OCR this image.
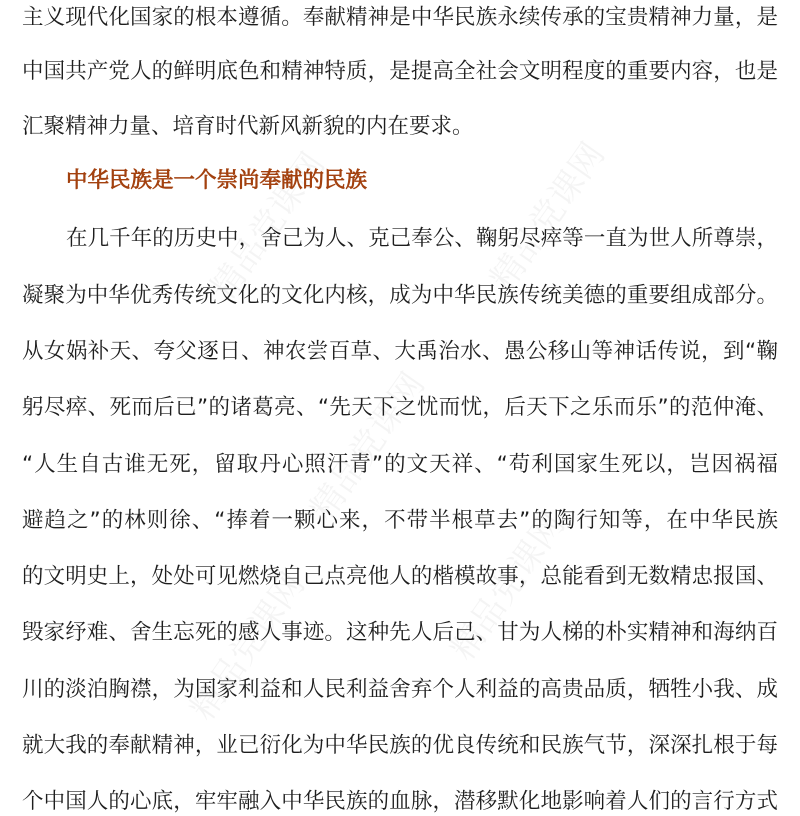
主义现代化国家的根本遵循。奉献精神是中华民族永续传承的宝贵精神力量，是
中国共产党人的鲜明底色和精神特质，是提高全社会文明程度的重要内容，也是
汇聚精神力量、培育时代新风新貌的内在要求。
中华民族是一个崇尚奉献的民族
在几千年的历史中，舍己为人、克己奉公、鞠躬尽瘁等一直为世人所尊崇，
凝聚为中华优秀传统文化的文化内核，成为中华民族传统美德的重要组成部分。
从女娲补天、夸父逐日、神农尝百草、大禹治水、愚公移山等神话传说，到“鞠
躬尽瘁、死而后已”的诸葛亮、“先天下之忧而忧，后天下之乐而乐”的范仲淹、
“人生自古谁无死，留取丹心照汗青”的文天祥、“苟利国家生死以，岂因祸福
避趋之”的林则徐、“捧着一颗心来，不带半根草去”的陶行知等，在中华民族
的文明史上，处处可见燃烧自己点亮他人的楷模故事，总能看到无数精忠报国、
毁家纾难、舍生忘死的感人事迹。这种先人后己、甘为人梯的朴实精神和海纳百
川的淡泊胸襟，为国家利益和人民利益舍弃个人利益的高贵品质，牺牲小我、成
就大我的奉献精神，业已衍化为中华民族的优良传统和民族气节，深深扎根于每
个中国人的心底，牢牢融入中华民族的血脉，潜移默化地影响着人们的言行方式
